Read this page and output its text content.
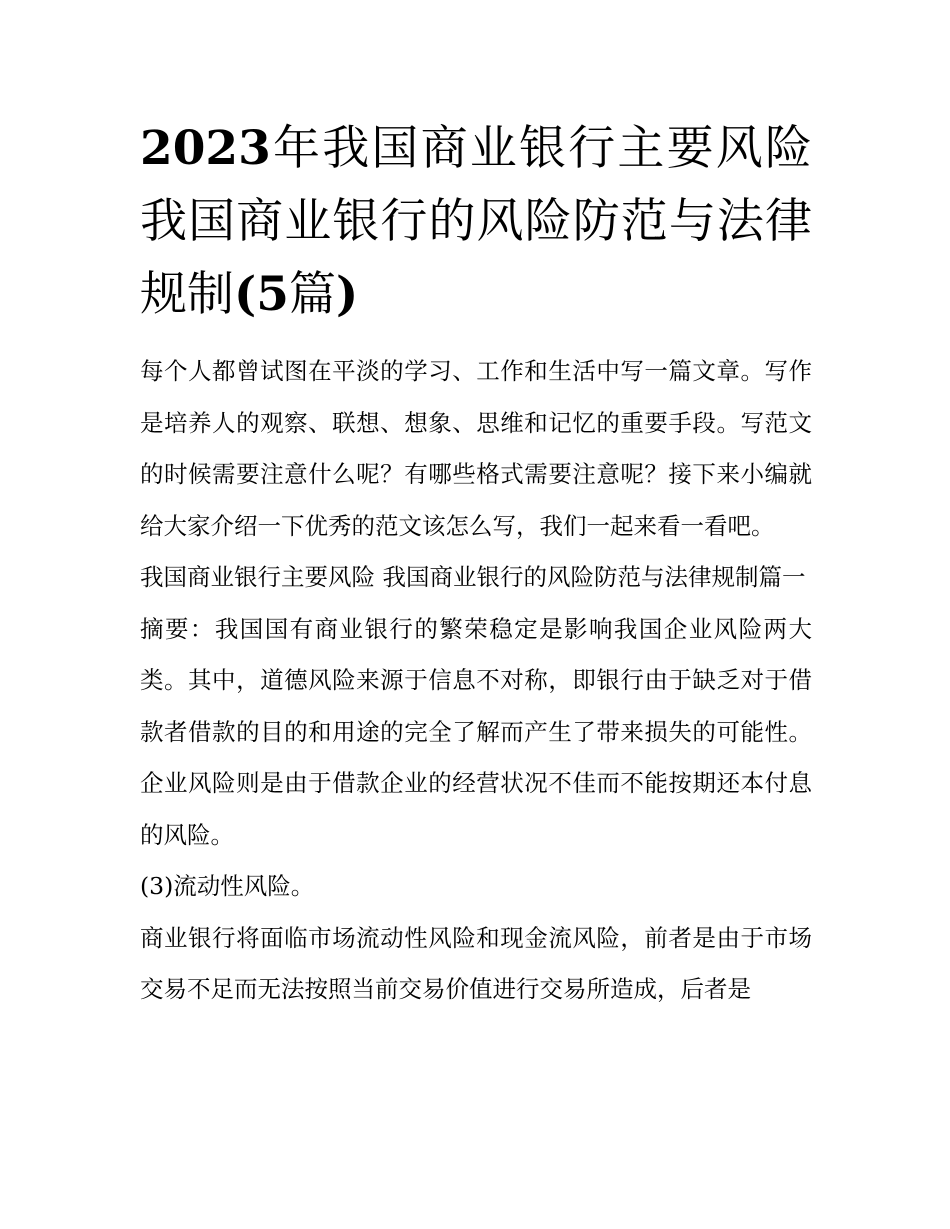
2023年我国商业银行主要风险我国商业银行的风险防范与法律规制(5篇)

每个人都曾试图在平淡的学习、工作和生活中写一篇文章。写作是培养人的观察、联想、想象、思维和记忆的重要手段。写范文的时候需要注意什么呢？有哪些格式需要注意呢？接下来小编就给大家介绍一下优秀的范文该怎么写，我们一起来看一看吧。

我国商业银行主要风险 我国商业银行的风险防范与法律规制篇一

摘要：我国国有商业银行的繁荣稳定是影响我国企业风险两大类。其中，道德风险来源于信息不对称，即银行由于缺乏对于借款者借款的目的和用途的完全了解而产生了带来损失的可能性。企业风险则是由于借款企业的经营状况不佳而不能按期还本付息的风险。

(3)流动性风险。

商业银行将面临市场流动性风险和现金流风险，前者是由于市场交易不足而无法按照当前交易价值进行交易所造成，后者是
